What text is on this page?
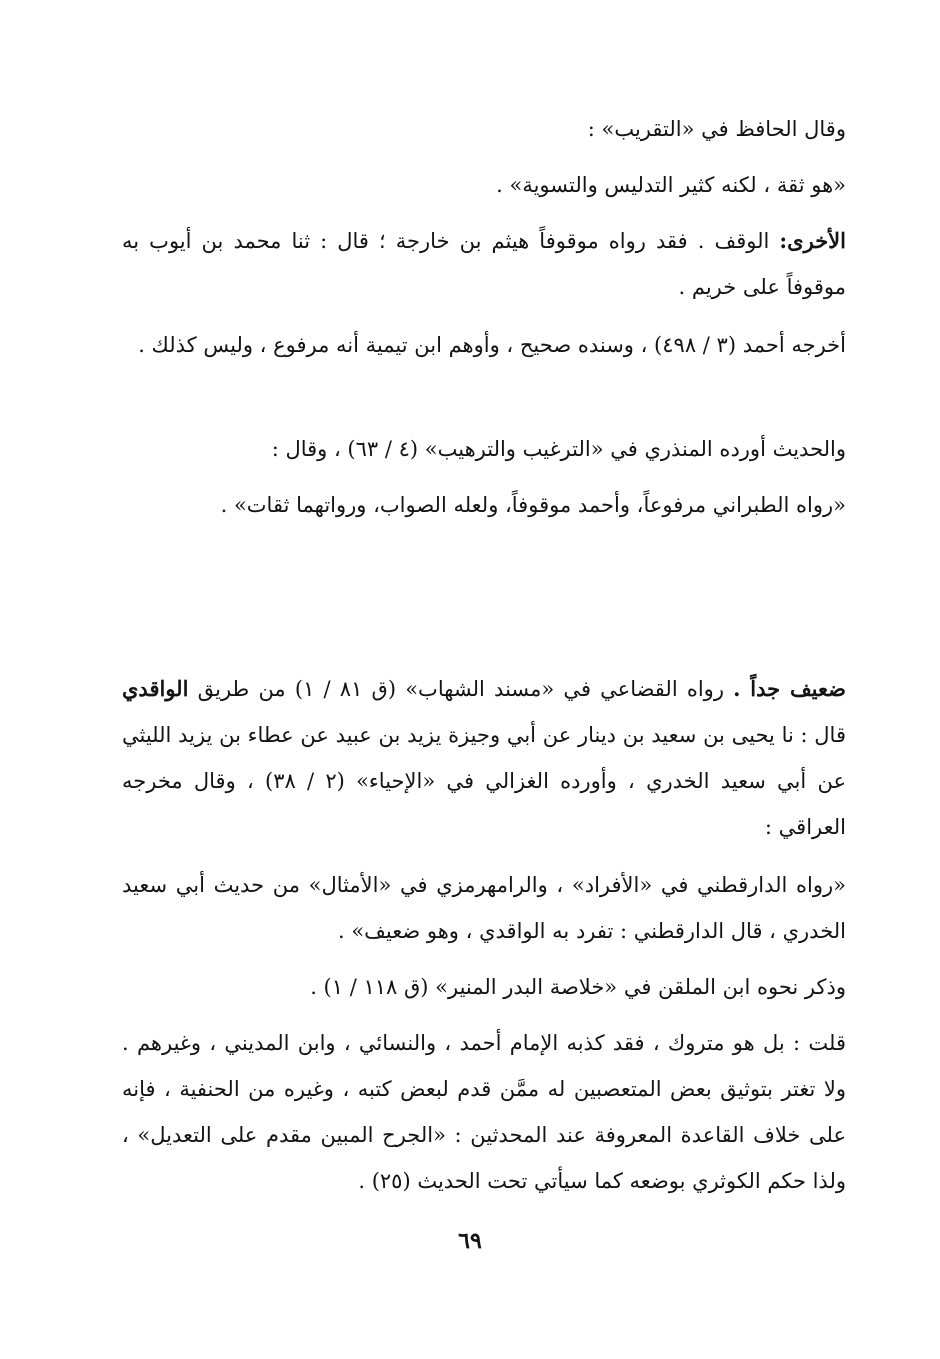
وقال الحافظ في «التقريب» :

«هو ثقة ، لكنه كثير التدليس والتسوية» .

الأخرى: الوقف . فقد رواه موقوفاً هيثم بن خارجة ؛ قال : ثنا محمد بن أيوب به موقوفاً على خريم .

أخرجه أحمد (٣ / ٤٩٨) ، وسنده صحيح ، وأوهم ابن تيمية أنه مرفوع ، وليس كذلك .

والحديث أورده المنذري في «الترغيب والترهيب» (٤ / ٦٣) ، وقال :

«رواه الطبراني مرفوعاً، وأحمد موقوفاً، ولعله الصواب، ورواتهما ثقات» .

ضعيف جداً . رواه القضاعي في «مسند الشهاب» (ق ٨١ / ١) من طريق الواقدي قال : نا يحيى بن سعيد بن دينار عن أبي وجيزة يزيد بن عبيد عن عطاء بن يزيد الليثي عن أبي سعيد الخدري ، وأورده الغزالي في «الإحياء» (٢ / ٣٨) ، وقال مخرجه العراقي :

«رواه الدارقطني في «الأفراد» ، والرامهرمزي في «الأمثال» من حديث أبي سعيد الخدري ، قال الدارقطني : تفرد به الواقدي ، وهو ضعيف» .

وذكر نحوه ابن الملقن في «خلاصة البدر المنير» (ق ١١٨ / ١) .

قلت : بل هو متروك ، فقد كذبه الإمام أحمد ، والنسائي ، وابن المديني ، وغيرهم . ولا تغتر بتوثيق بعض المتعصبين له ممَّن قدم لبعض كتبه ، وغيره من الحنفية ، فإنه على خلاف القاعدة المعروفة عند المحدثين : «الجرح المبين مقدم على التعديل» ، ولذا حكم الكوثري بوضعه كما سيأتي تحت الحديث (٢٥) .

٦٩
